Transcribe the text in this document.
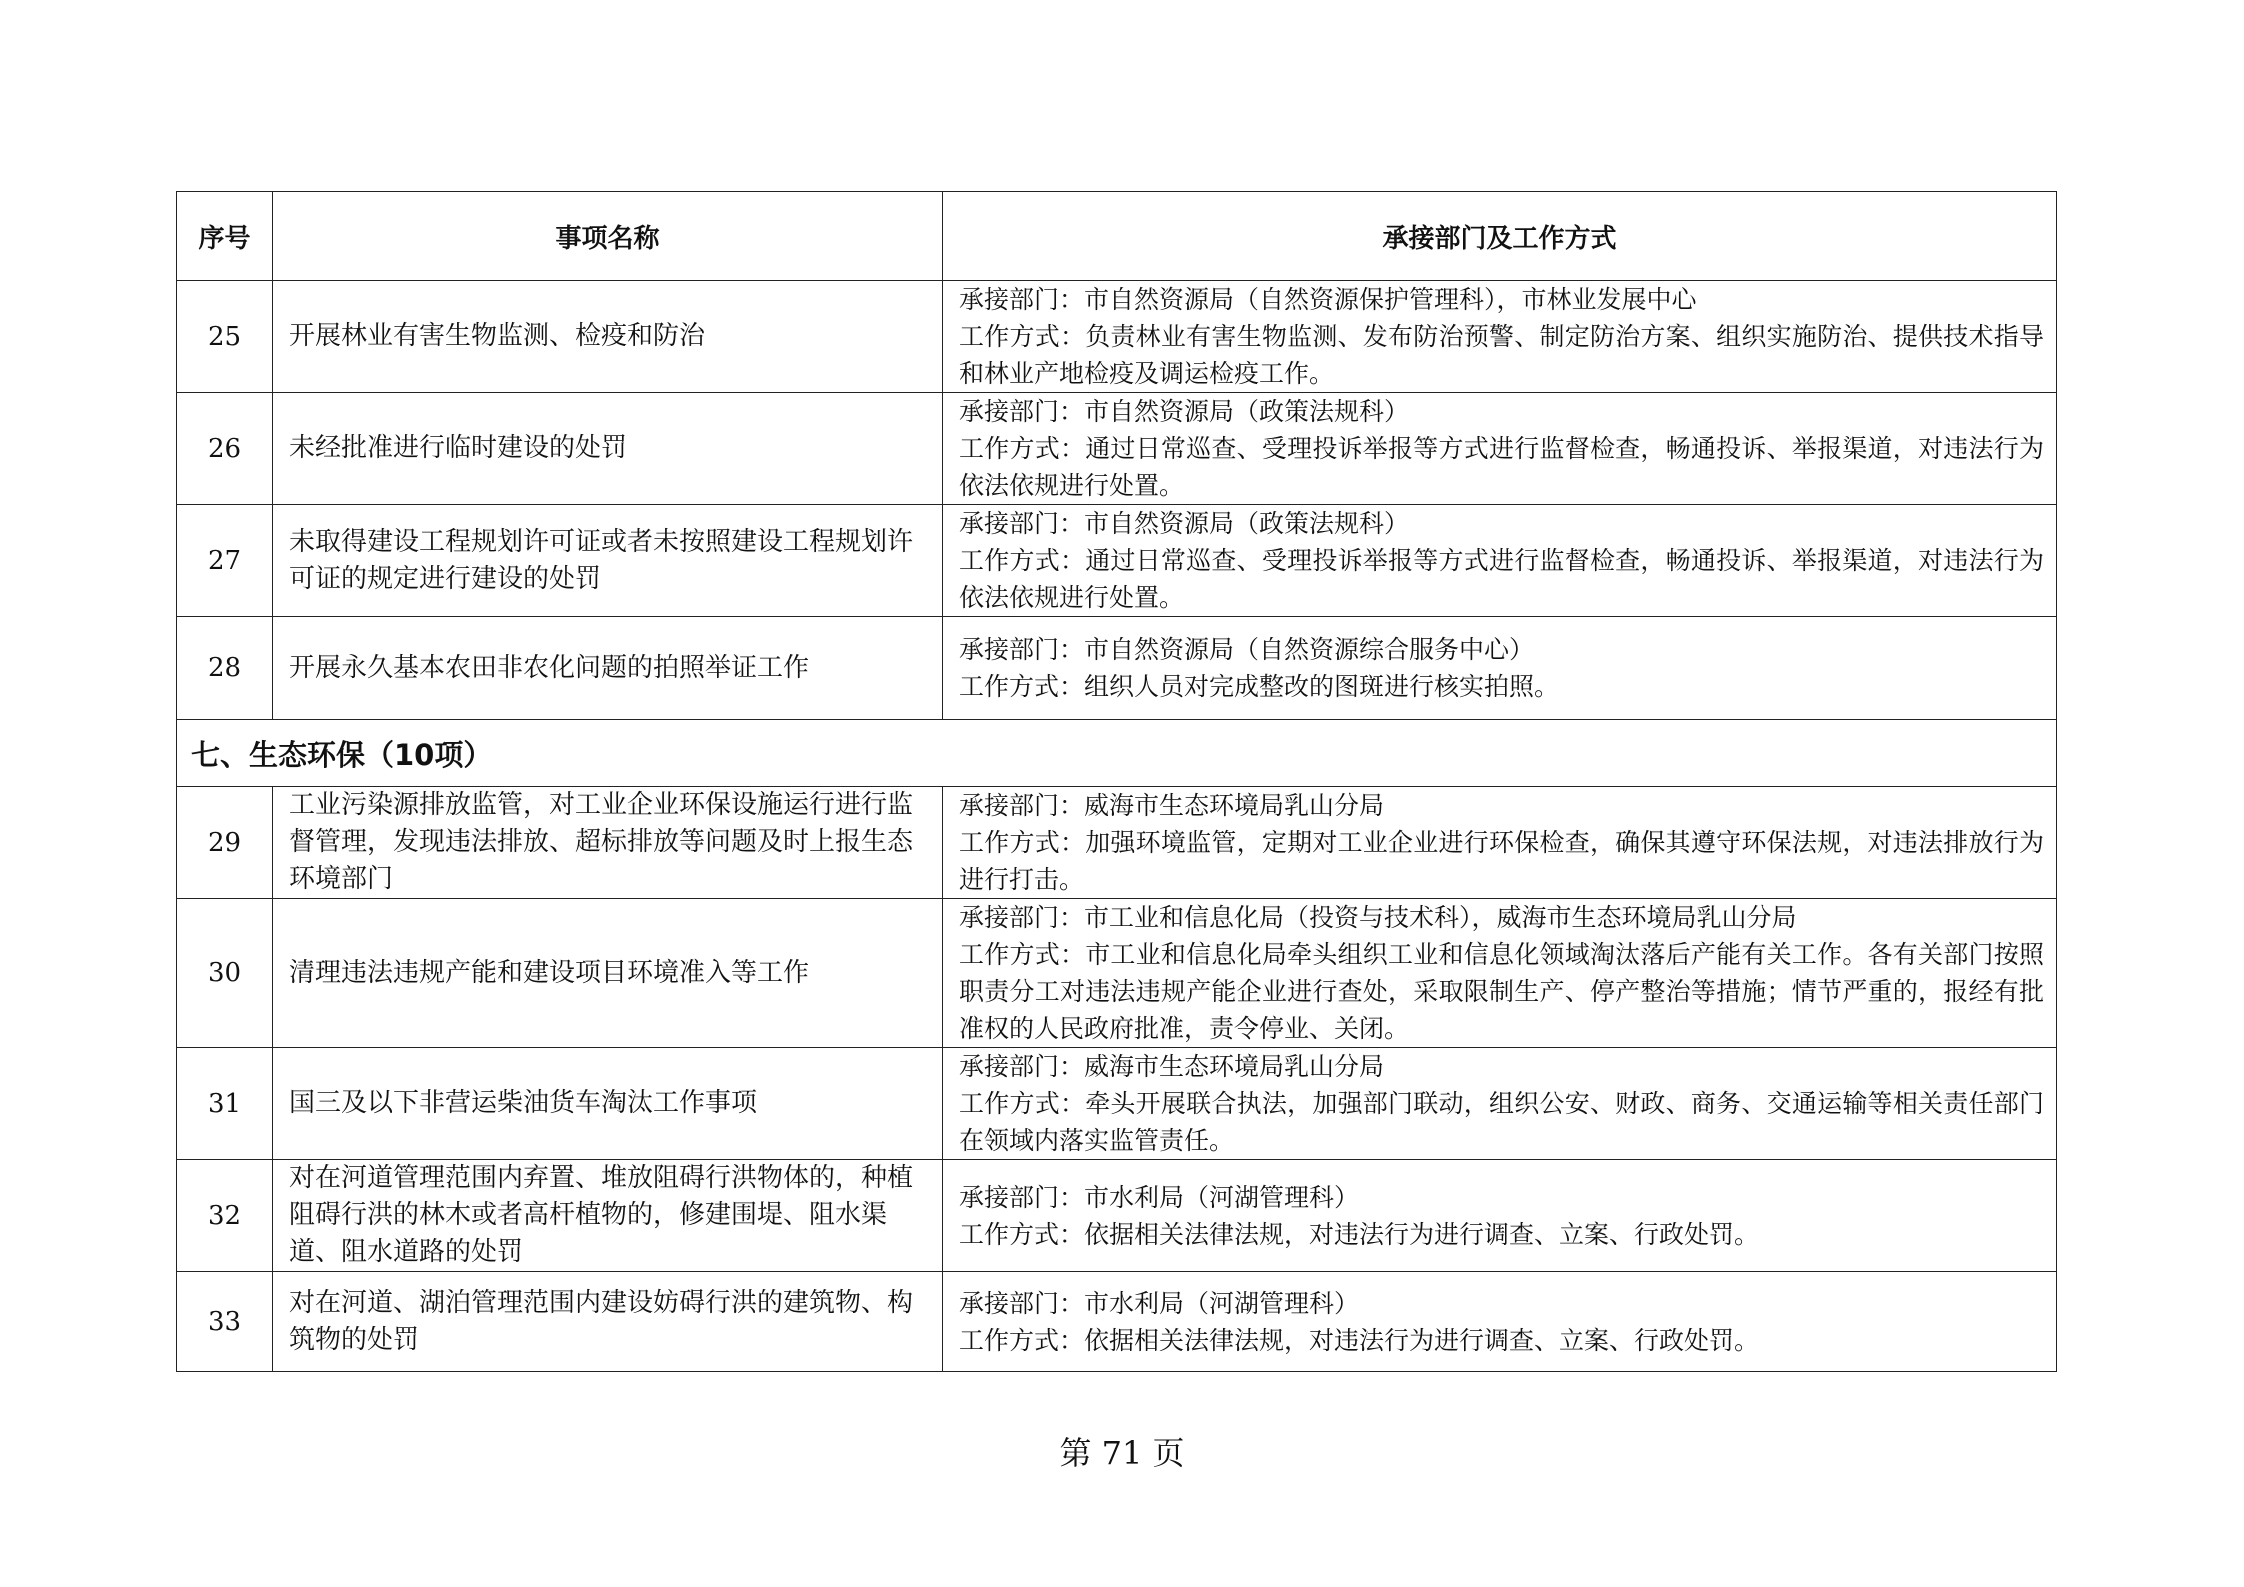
序号	事项名称	承接部门及工作方式
25	开展林业有害生物监测、检疫和防治	承接部门：市自然资源局（自然资源保护管理科），市林业发展中心
工作方式：负责林业有害生物监测、发布防治预警、制定防治方案、组织实施防治、提供技术指导和林业产地检疫及调运检疫工作。

26	未经批准进行临时建设的处罚	承接部门：市自然资源局（政策法规科）
工作方式：通过日常巡查、受理投诉举报等方式进行监督检查，畅通投诉、举报渠道，对违法行为依法依规进行处置。

27	未取得建设工程规划许可证或者未按照建设工程规划许可证的规定进行建设的处罚	承接部门：市自然资源局（政策法规科）
工作方式：通过日常巡查、受理投诉举报等方式进行监督检查，畅通投诉、举报渠道，对违法行为依法依规进行处置。

28	开展永久基本农田非农化问题的拍照举证工作	承接部门：市自然资源局（自然资源综合服务中心）
工作方式：组织人员对完成整改的图斑进行核实拍照。

七、生态环保（10项）		
29	工业污染源排放监管，对工业企业环保设施运行进行监督管理，发现违法排放、超标排放等问题及时上报生态环境部门	承接部门：威海市生态环境局乳山分局
工作方式：加强环境监管，定期对工业企业进行环保检查，确保其遵守环保法规，对违法排放行为进行打击。

30	清理违法违规产能和建设项目环境准入等工作	承接部门：市工业和信息化局（投资与技术科），威海市生态环境局乳山分局
工作方式：市工业和信息化局牵头组织工业和信息化领域淘汰落后产能有关工作。各有关部门按照职责分工对违法违规产能企业进行查处，采取限制生产、停产整治等措施；情节严重的，报经有批准权的人民政府批准，责令停业、关闭。

31	国三及以下非营运柴油货车淘汰工作事项	承接部门：威海市生态环境局乳山分局
工作方式：牵头开展联合执法，加强部门联动，组织公安、财政、商务、交通运输等相关责任部门在领域内落实监管责任。

32	对在河道管理范围内弃置、堆放阻碍行洪物体的，种植阻碍行洪的林木或者高杆植物的，修建围堤、阻水渠道、阻水道路的处罚	承接部门：市水利局（河湖管理科）
工作方式：依据相关法律法规，对违法行为进行调查、立案、行政处罚。

33	对在河道、湖泊管理范围内建设妨碍行洪的建筑物、构筑物的处罚	承接部门：市水利局（河湖管理科）
工作方式：依据相关法律法规，对违法行为进行调查、立案、行政处罚。
第 71 页
